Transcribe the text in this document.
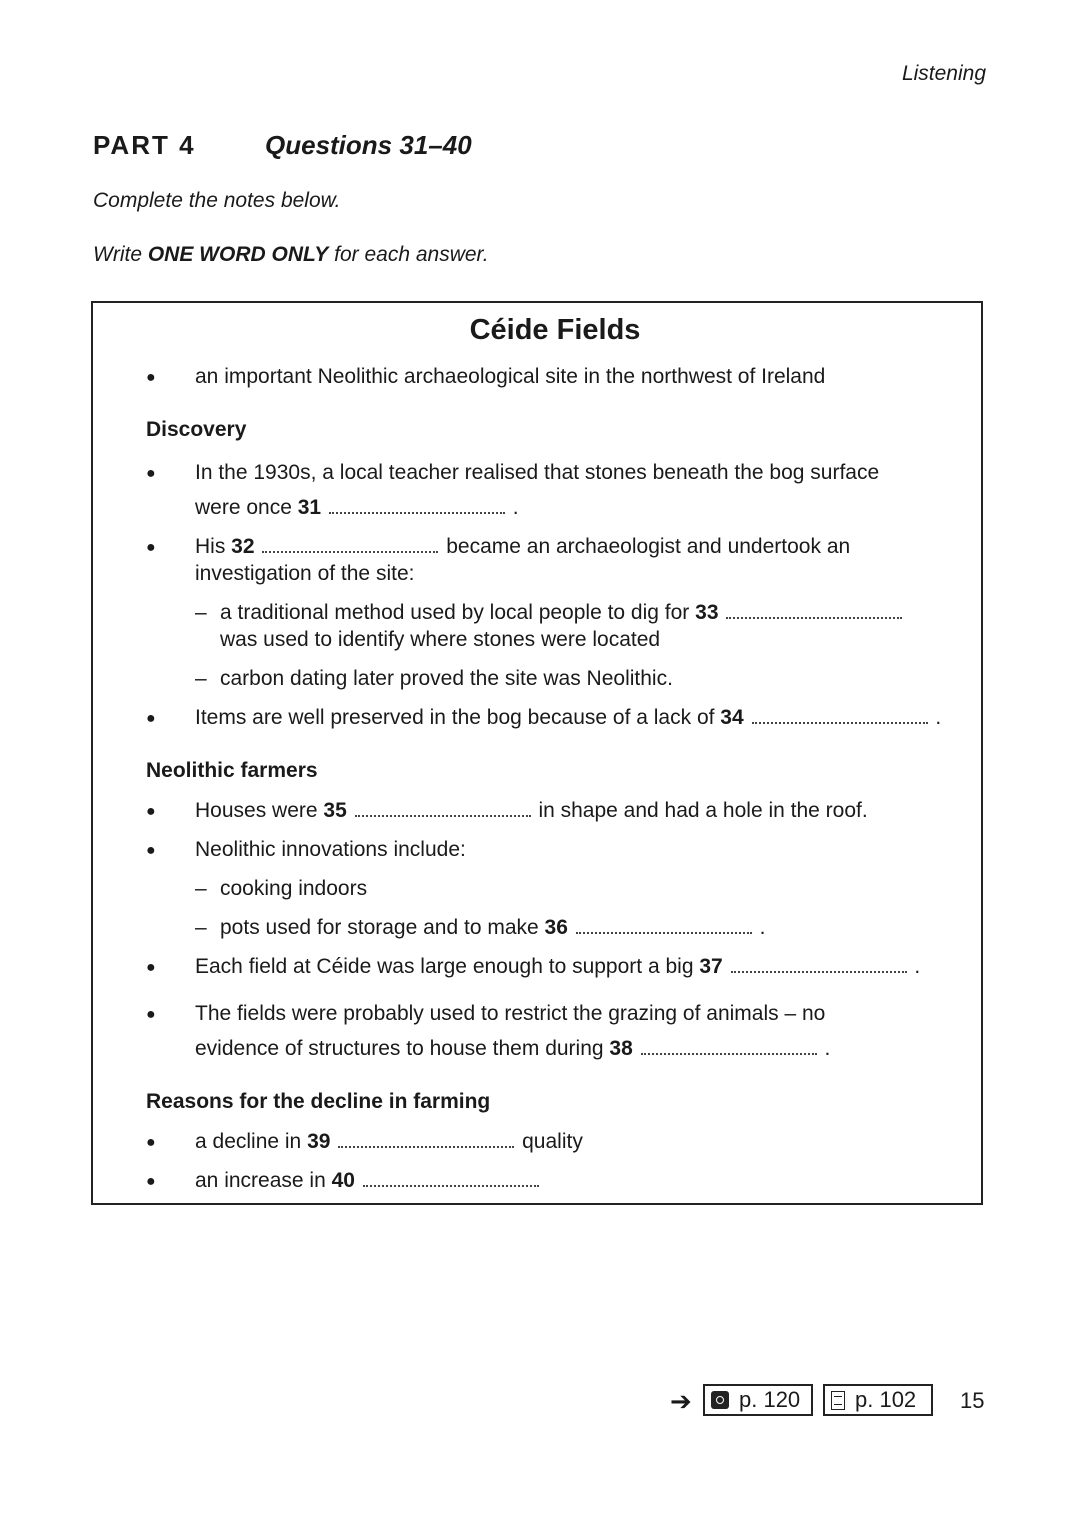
Listening
PART 4	Questions 31–40
Complete the notes below.
Write ONE WORD ONLY for each answer.
Céide Fields
● an important Neolithic archaeological site in the northwest of Ireland
Discovery
● In the 1930s, a local teacher realised that stones beneath the bog surface
were once 31	.
● His 32	became an archaeologist and undertook an
investigation of the site:
– a traditional method used by local people to dig for 33
was used to identify where stones were located
– carbon dating later proved the site was Neolithic.
● Items are well preserved in the bog because of a lack of 34	.
Neolithic farmers
● Houses were 35	in shape and had a hole in the roof.
● Neolithic innovations include:
– cooking indoors
– pots used for storage and to make 36	.
● Each field at Céide was large enough to support a big 37	.
● The fields were probably used to restrict the grazing of animals – no
evidence of structures to house them during 38	.
Reasons for the decline in farming
● a decline in 39	quality
● an increase in 40
➔ p. 120 p. 102 15
